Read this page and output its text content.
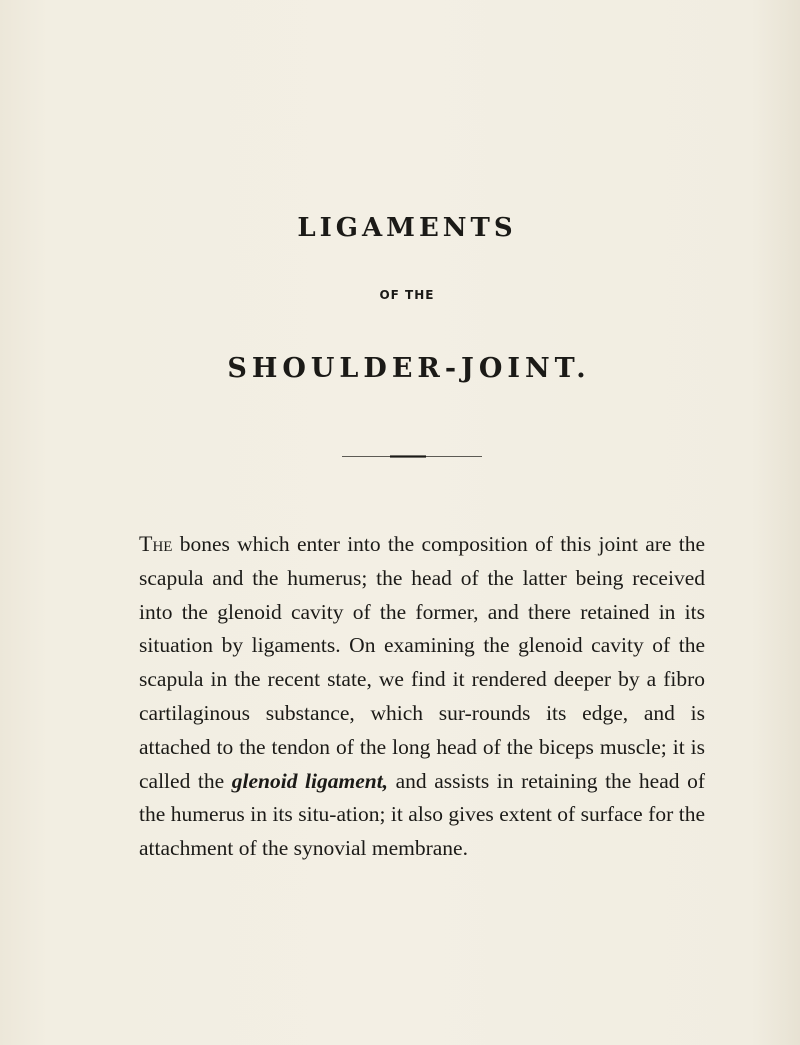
LIGAMENTS
OF THE
SHOULDER-JOINT.

The bones which enter into the composition of this joint are the scapula and the humerus; the head of the latter being received into the glenoid cavity of the former, and there retained in its situation by ligaments. On examining the glenoid cavity of the scapula in the recent state, we find it rendered deeper by a fibro cartilaginous substance, which sur-rounds its edge, and is attached to the tendon of the long head of the biceps muscle; it is called the glenoid ligament, and assists in retaining the head of the humerus in its situ-ation; it also gives extent of surface for the attachment of the synovial membrane.
